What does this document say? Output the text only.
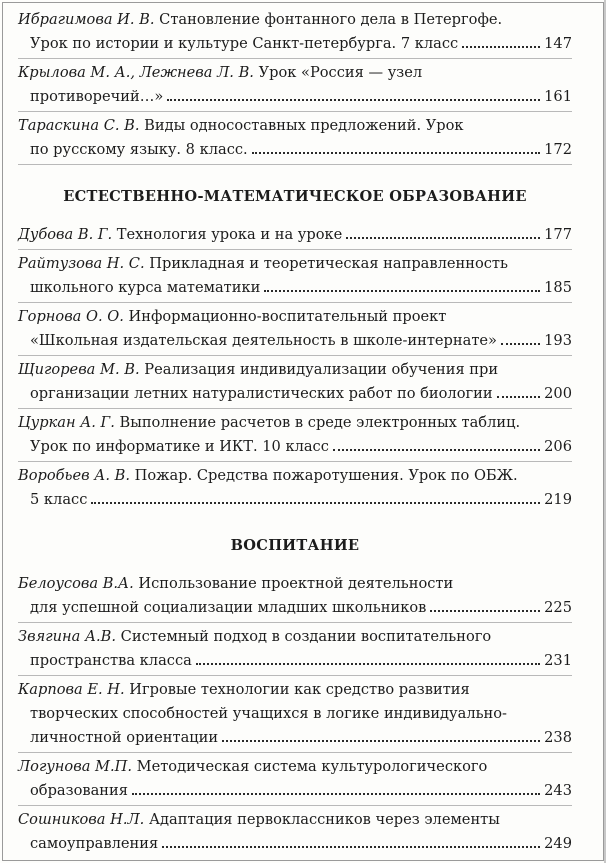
Ибрагимова И. В. Становление фонтанного дела в Петергофе.
Урок по истории и культуре Санкт-петербурга. 7 класс	147
Крылова М. А., Лежнева Л. В. Урок «Россия — узел
противоречий…»	161
Тараскина С. В. Виды односоставных предложений. Урок
по русскому языку. 8 класс.	172
ЕСТЕСТВЕННО-МАТЕМАТИЧЕСКОЕ ОБРАЗОВАНИЕ
Дубова В. Г. Технология урока и на уроке	177
Райтузова Н. С. Прикладная и теоретическая направленность
школьного курса математики	185
Горнова О. О. Информационно-воспитательный проект
«Школьная издательская деятельность в школе-интернате»	193
Щигорева М. В. Реализация индивидуализации обучения при
организации летних натуралистических работ по биологии	200
Цуркан А. Г. Выполнение расчетов в среде электронных таблиц.
Урок по информатике и ИКТ. 10 класс	206
Воробьев А. В. Пожар. Средства пожаротушения. Урок по ОБЖ.
5 класс	219
ВОСПИТАНИЕ
Белоусова В.А. Использование проектной деятельности
для успешной социализации младших школьников	225
Звягина А.В. Системный подход в создании воспитательного
пространства класса	231
Карпова Е. Н. Игровые технологии как средство развития
творческих способностей учащихся в логике индивидуально-
личностной ориентации	238
Логунова М.П. Методическая система культурологического
образования	243
Сошникова Н.Л. Адаптация первоклассников через элементы
самоуправления	249
